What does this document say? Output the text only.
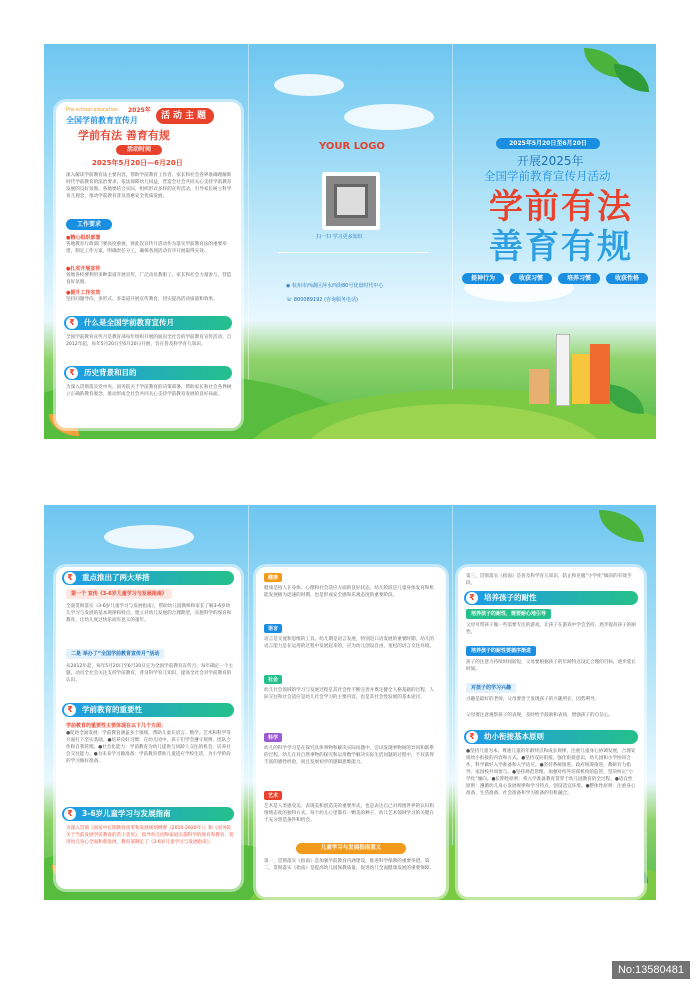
Pre-school education 2025年
全国学前教育宣传月	活动主题
学前有法 善育有规
活动时间
2025年5月20日—6月20日
深入解读学前教育法主要内容，帮助学前教育工作者、家长和社会各界准确理解新时代学前教育的法治要求，依法保障幼儿权益，营造全社会共同关心支持学前教育发展的良好氛围。各地要结合实际，组织形式多样的宣传活动，引导家长树立科学育儿观念，推动学前教育普及普惠安全优质发展。
工作要求
●精心组织部署
各地教育行政部门要高度重视，将此次宣传月活动作为落实学前教育法的重要举措，制定工作方案，明确责任分工，确保各项活动有序开展取得实效。
●扎实开展宣传
各地各校要利用多种渠道开展宣传，广泛动员教职工、家长和社会力量参与，营造良好氛围。
●提升工作实效
坚持问题导向，多形式、多渠道开展宣传教育，切实提高活动质量和效果。
₹	什么是全国学前教育宣传月
全国学前教育宣传月是教育部每年组织开展的面向全社会的学前教育宣传活动，自2012年起，每年5月20日至6月20日开展，旨在普及科学育儿知识。
₹	历史背景和目的
为深入贯彻落实党中央、国务院关于学前教育的决策部署，帮助家长和社会各界树立正确的教育观念，推动形成全社会共同关心支持学前教育发展的良好局面。
YOUR LOGO
扫一扫 学习更多知识
◉ 杭州市西湖区萍水西街80号优盘时代中心
☏ 800089192 (咨询服务电话)
2025年5月20日至6月20日
开展2025年
全国学前教育宣传月活动
学前有法
善育有规
提神行为	收获习惯	培养习惯	收获性格
₹	重点推出了两大举措
第一个 宣传《3-6岁儿童学习与发展指南》
全面贯彻落实《3-6岁儿童学习与发展指南》，帮助幼儿园教师和家长了解3-6岁幼儿学习与发展的基本规律和特点，建立对幼儿发展的合理期望，实施科学的保育和教育，让幼儿度过快乐而有意义的童年。
二是 举办了“全国学前教育宣传月”活动
从2012年起，每年5月20日至6月20日定为全国学前教育宣传月，每年确定一个主题，动员全社会关注支持学前教育，普及科学育儿知识，提高全社会对学前教育的认识。
₹	学前教育的重要性
学前教育的重要性主要体现在以下几个方面：
●促进全面发展：学前教育涵盖多个领域，帮助儿童在语言、数学、艺术和科学等方面打下坚实基础。●培养良好习惯：在幼儿园中，孩子们学会遵守规则、团队合作和自我管理。●社会化能力：学前教育为幼儿提供与同龄人交往的机会，培养社会交往能力。●为未来学习做准备：学前教育帮助儿童适应学校生活，为小学阶段的学习做好准备。
₹	3-6岁儿童学习与发展指南
为深入贯彻《国家中长期教育改革和发展规划纲要（2010-2020年）》和《国务院关于当前发展学前教育的若干意见》，指导幼儿园和家庭实施科学的保育和教育，促进幼儿身心全面和谐发展，教育部制定了《3-6岁儿童学习与发展指南》。
健康
健康是指人在身体、心理和社会适应方面的良好状态。幼儿阶段是儿童身体发育和机能发展极为迅速的时期，也是形成安全感和乐观态度的重要阶段。
语言
语言是交流和思维的工具。幼儿期是语言发展，特别是口语发展的重要时期。幼儿的语言能力是在运用的过程中发展起来的，应为幼儿创设自由、宽松的语言交往环境。
社会
幼儿社会领域的学习与发展过程是其社会性不断完善并奠定健全人格基础的过程。人际交往和社会适应是幼儿社会学习的主要内容，也是其社会性发展的基本途径。
科学
幼儿的科学学习是在探究具体事物和解决实际问题中，尝试发现事物间的异同和联系的过程。幼儿在对自然事物的探究和运用数学解决实际生活问题的过程中，不仅获得丰富的感性经验，而且发展初步的逻辑思维能力。
艺术
艺术是人类感受美、表现美和创造美的重要形式，也是表达自己对周围世界的认识和情绪态度的独特方式。每个幼儿心里都有一颗美的种子，幼儿艺术领域学习的关键在于充分创造条件和机会。
儿童学习与发展指南意义
第一，贯彻落实《指南》是加强学前教育内涵建设，推进科学保教的重要举措。第二，贯彻落实《指南》是提高幼儿园保教质量、促进幼儿全面健康发展的重要保障。
第三，贯彻落实《指南》是普及科学育儿知识，防止和克服“小学化”倾向的有效手段。
₹	培养孩子的耐性
培养孩子的耐性，需要耐心地引导
父母可带孩子做一些需要专注的游戏，让孩子在游戏中学会坚持，逐步提高孩子的耐性。
培养孩子的耐性要循序渐进
孩子的注意力持续时间较短，父母要根据孩子的年龄特点设定合理的目标，逐步延长时间。
对孩子的学习兴趣
兴趣是最好的老师，父母要善于发现孩子的兴趣所在，因势利导。
父母要注意观察孩子的表现，及时给予鼓励和表扬，增强孩子的自信心。
₹	幼小衔接基本原则
●坚持儿童为本。尊重儿童的年龄特点和成长规律，注重儿童身心协调发展，合理安排幼小衔接的内容和方式。●坚持双向衔接。强化衔接意识，幼儿园和小学协同合作，科学做好入学准备和入学适应。●坚持系统推进。政府统筹推进，教研有力指导，家园校共同参与。●坚持规范管理。加强对校外培训机构的监管，坚决纠正“小学化”倾向。●长期性原则：将入学准备教育贯穿于幼儿园教育的全过程。●适宜性原则：遵循幼儿身心发展规律和学习特点，创设适宜环境。●整体性原则：注重身心准备、生活准备、社会准备和学习准备的有机融合。
No:13580481
